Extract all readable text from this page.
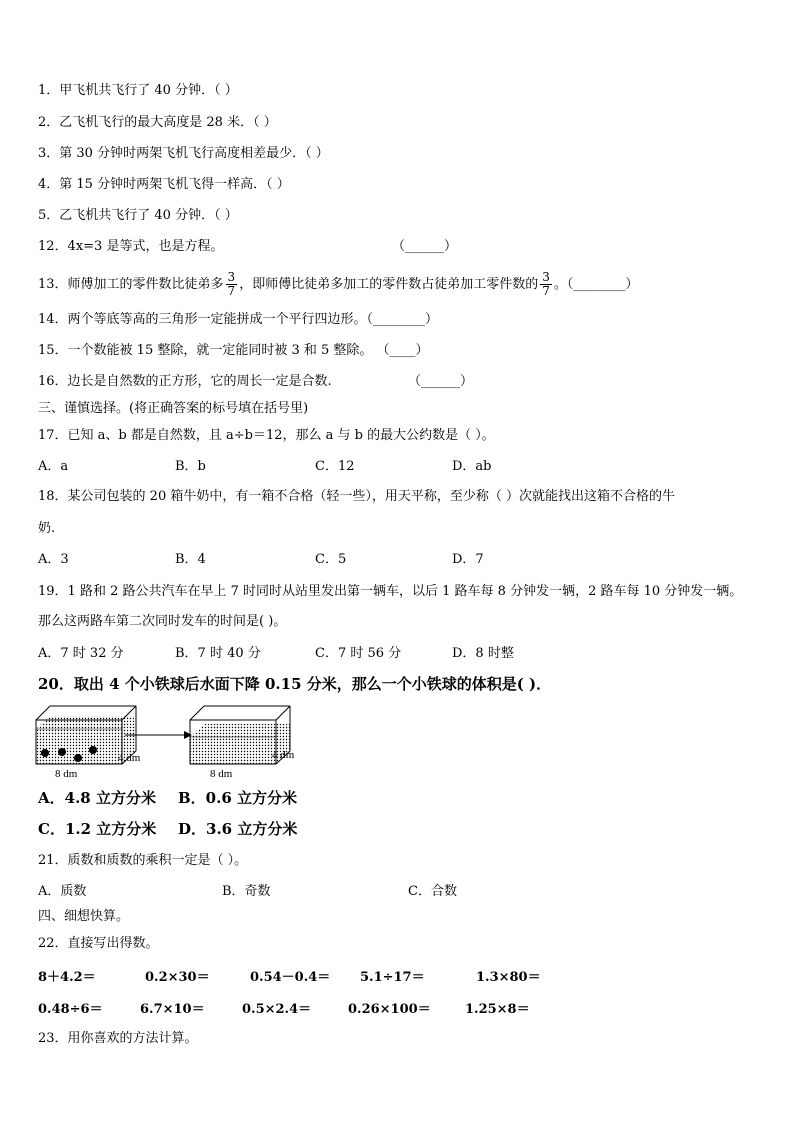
1．甲飞机共飞行了 40 分钟．（ ）
2．乙飞机飞行的最大高度是 28 米．（ ）
3．第 30 分钟时两架飞机飞行高度相差最少．（ ）
4．第 15 分钟时两架飞机飞得一样高．（ ）
5．乙飞机共飞行了 40 分钟．（ ）
12．4x=3 是等式，也是方程。	（______）
13．师傅加工的零件数比徒弟多 $\frac{3}{7}$ ，即师傅比徒弟多加工的零件数占徒弟加工零件数的 $\frac{3}{7}$ 。（________）
14．两个等底等高的三角形一定能拼成一个平行四边形。（________）
15．一个数能被 15 整除，就一定能同时被 3 和 5 整除。 （____）
16．边长是自然数的正方形，它的周长一定是合数.	（______）
三、谨慎选择。(将正确答案的标号填在括号里)
17．已知 a、b 都是自然数，且 a÷b＝12，那么 a 与 b 的最大公约数是（ ）。
A．a	B．b	C．12	D．ab
18．某公司包装的 20 箱牛奶中，有一箱不合格（轻一些），用天平称，至少称（ ）次就能找出这箱不合格的牛
奶.
A．3	B．4	C．5	D．7
19．1 路和 2 路公共汽车在早上 7 时同时从站里发出第一辆车，以后 1 路车每 8 分钟发一辆，2 路车每 10 分钟发一辆。
那么这两路车第二次同时发车的时间是( )。
A．7 时 32 分	B．7 时 40 分	C．7 时 56 分	D．8 时整
20．取出 4 个小铁球后水面下降 0.15 分米，那么一个小铁球的体积是( )．
8 dm
4 dm
8 dm
4 dm
A．4.8 立方分米 B．0.6 立方分米
C．1.2 立方分米 D．3.6 立方分米
21．质数和质数的乘积一定是（ ）。
A．质数	B．奇数	C．合数
四、细想快算。
22．直接写出得数。
8＋4.2＝	0.2×30＝	0.54－0.4＝ 5.1÷17＝	1.3×80＝
0.48÷6＝	6.7×10＝	0.5×2.4＝	0.26×100＝	1.25×8＝
23．用你喜欢的方法计算。
